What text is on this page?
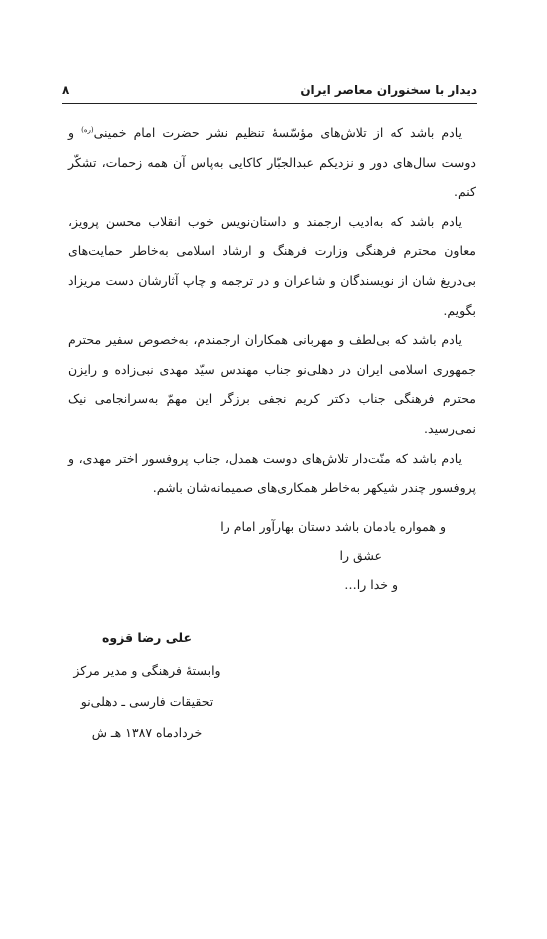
۸	دیدار با سخنوران معاصر ایران

یادم باشد که از تلاش‌های مؤسّسهٔ تنظیم نشر حضرت امام خمینی$^{(ره)}$ و دوست سال‌های دور و نزدیکم عبدالجبّار کاکایی به‌پاس آن همه زحمات، تشکّر کنم.

یادم باشد که به‌ادیب ارجمند و داستان‌نویس خوب انقلاب محسن پرویز، معاون محترم فرهنگی وزارت فرهنگ و ارشاد اسلامی به‌خاطر حمایت‌های بی‌دریغ شان از نویسندگان و شاعران و در ترجمه و چاپ آثارشان دست مریزاد بگویم.

یادم باشد که بی‌لطف و مهربانی همکاران ارجمندم، به‌خصوص سفیر محترم جمهوری اسلامی ایران در دهلی‌نو جناب مهندس سیّد مهدی نبی‌زاده و رایزن محترم فرهنگی جناب دکتر کریم نجفی برزگر این مهمّ به‌سرانجامی نیک نمی‌رسید.

یادم باشد که منّت‌دار تلاش‌های دوست همدل، جناب پروفسور اختر مهدی، و پروفسور چندر شیکهر به‌خاطر همکاری‌های صمیمانه‌شان باشم.

و همواره یادمان باشد دستان بهارآور امام را
عشق را
و خدا را…
علی رضا قزوه
وابستهٔ فرهنگی و مدیر مرکز
تحقیقات فارسی ـ دهلی‌نو
خردادماه ۱۳۸۷ هـ ش
